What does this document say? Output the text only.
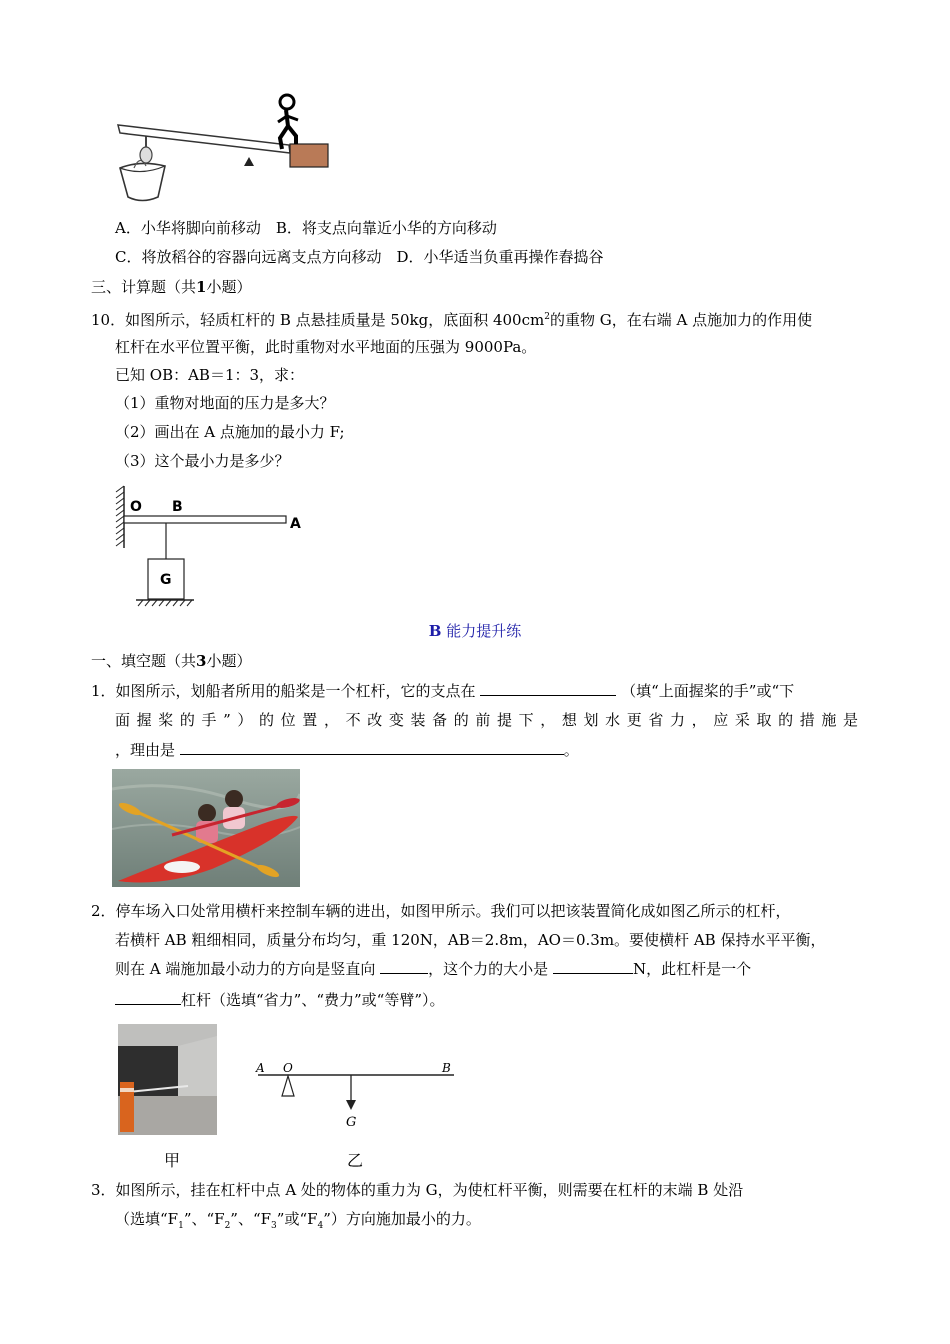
A．小华将脚向前移动　B．将支点向靠近小华的方向移动
C．将放稻谷的容器向远离支点方向移动　D．小华适当负重再操作舂捣谷
三、计算题（共1小题）
10．如图所示，轻质杠杆的 B 点悬挂质量是 50kg，底面积 $400cm^2$的重物 G，在右端 A 点施加力的作用使
杠杆在水平位置平衡，此时重物对水平地面的压强为 9000Pa。
已知 OB：AB＝1：3，求：
（1）重物对地面的压力是多大？
（2）画出在 A 点施加的最小力 F;
（3）这个最小力是多少？
O B
A
G
B 能力提升练
一、填空题（共3小题）
1．如图所示，划船者所用的船桨是一个杠杆，它的支点在	（填“上面握桨的手”或“下
面握桨的手”）的位置，不改变装备的前提下，想划水更省力，应采取的措施是
，理由是	。
2．停车场入口处常用横杆来控制车辆的进出，如图甲所示。我们可以把该装置简化成如图乙所示的杠杆，
若横杆 AB 粗细相同，质量分布均匀，重 120N，AB＝2.8m，AO＝0.3m。要使横杆 AB 保持水平平衡，
则在 A 端施加最小动力的方向是竖直向	，这个力的大小是	N，此杠杆是一个
杠杆（选填“省力”、“费力”或“等臂”）。
A O	B
G
甲	乙
3．如图所示，挂在杠杆中点 A 处的物体的重力为 G，为使杠杆平衡，则需要在杠杆的末端 B 处沿
（选填“$F_1$”、“$F_2$”、“$F_3$”或“$F_4$”）方向施加最小的力。
